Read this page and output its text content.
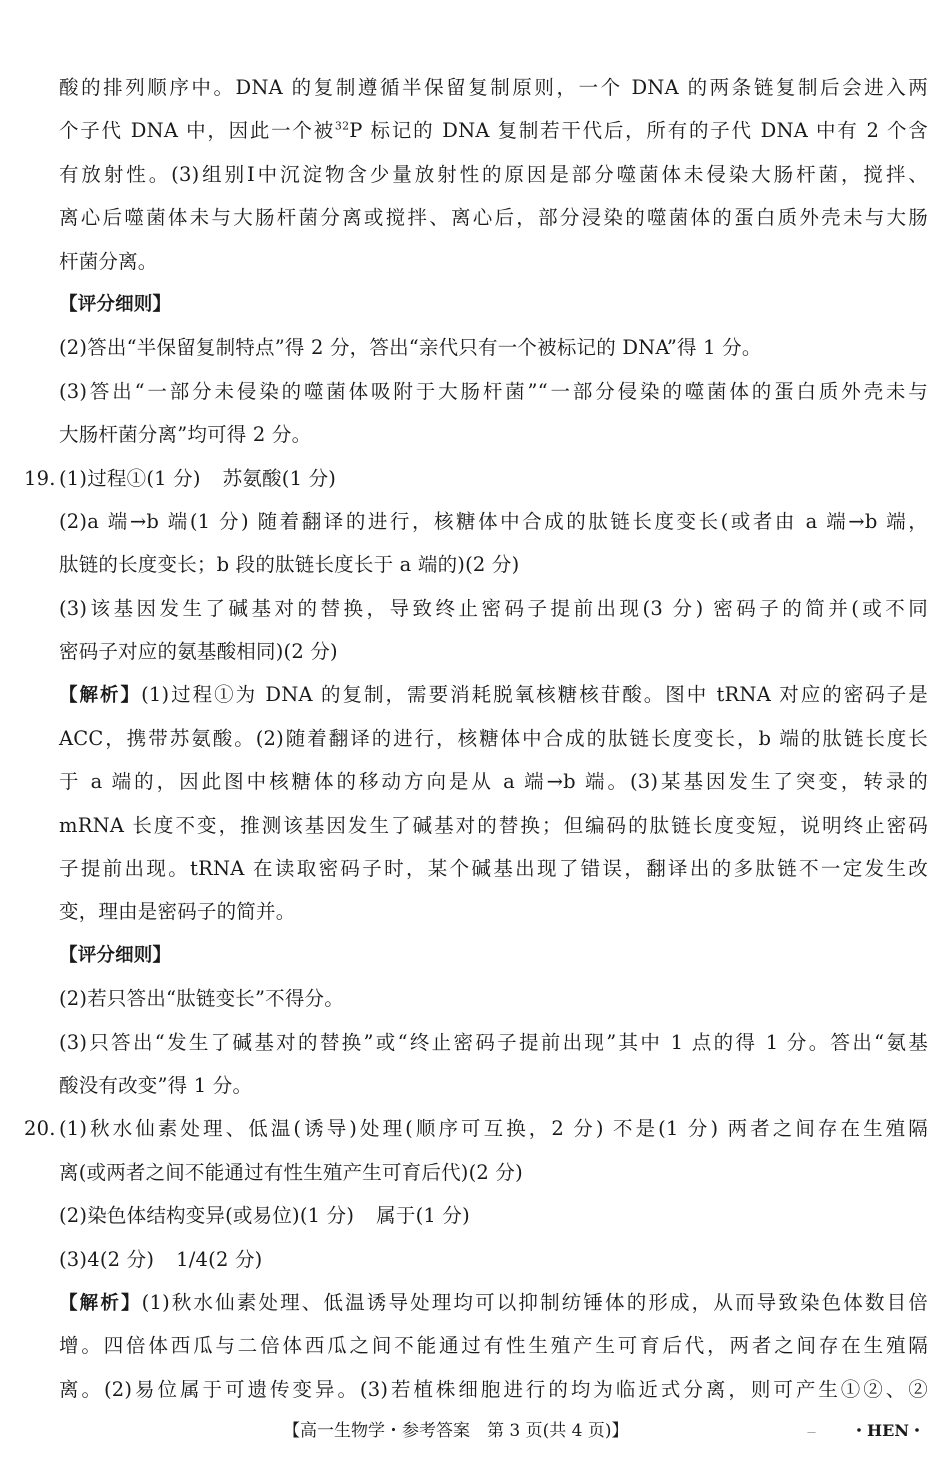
酸的排列顺序中。DNA 的复制遵循半保留复制原则，一个 DNA 的两条链复制后会进入两
个子代 DNA 中，因此一个被$^{32}$P 标记的 DNA 复制若干代后，所有的子代 DNA 中有 2 个含
有放射性。(3)组别Ⅰ中沉淀物含少量放射性的原因是部分噬菌体未侵染大肠杆菌，搅拌、
离心后噬菌体未与大肠杆菌分离或搅拌、离心后，部分浸染的噬菌体的蛋白质外壳未与大肠
杆菌分离。
【评分细则】
(2)答出“半保留复制特点”得 2 分，答出“亲代只有一个被标记的 DNA”得 1 分。
(3)答出“一部分未侵染的噬菌体吸附于大肠杆菌”“一部分侵染的噬菌体的蛋白质外壳未与
大肠杆菌分离”均可得 2 分。
19. (1)过程①(1 分) 苏氨酸(1 分)
(2)a 端→b 端(1 分) 随着翻译的进行，核糖体中合成的肽链长度变长(或者由 a 端→b 端，
肽链的长度变长；b 段的肽链长度长于 a 端的)(2 分)
(3)该基因发生了碱基对的替换，导致终止密码子提前出现(3 分) 密码子的简并(或不同
密码子对应的氨基酸相同)(2 分)
【解析】(1)过程①为 DNA 的复制，需要消耗脱氧核糖核苷酸。图中 tRNA 对应的密码子是
ACC，携带苏氨酸。(2)随着翻译的进行，核糖体中合成的肽链长度变长，b 端的肽链长度长
于 a 端的，因此图中核糖体的移动方向是从 a 端→b 端。(3)某基因发生了突变，转录的
mRNA 长度不变，推测该基因发生了碱基对的替换；但编码的肽链长度变短，说明终止密码
子提前出现。tRNA 在读取密码子时，某个碱基出现了错误，翻译出的多肽链不一定发生改
变，理由是密码子的简并。
【评分细则】
(2)若只答出“肽链变长”不得分。
(3)只答出“发生了碱基对的替换”或“终止密码子提前出现”其中 1 点的得 1 分。答出“氨基
酸没有改变”得 1 分。
20. (1)秋水仙素处理、低温(诱导)处理(顺序可互换，2 分) 不是(1 分) 两者之间存在生殖隔
离(或两者之间不能通过有性生殖产生可育后代)(2 分)
(2)染色体结构变异(或易位)(1 分) 属于(1 分)
(3)4(2 分) 1/4(2 分)
【解析】(1)秋水仙素处理、低温诱导处理均可以抑制纺锤体的形成，从而导致染色体数目倍
增。四倍体西瓜与二倍体西瓜之间不能通过有性生殖产生可育后代，两者之间存在生殖隔
离。(2)易位属于可遗传变异。(3)若植株细胞进行的均为临近式分离，则可产生①②、②
【高一生物学・参考答案　第 3 页(共 4 页)】	— ・HEN・
